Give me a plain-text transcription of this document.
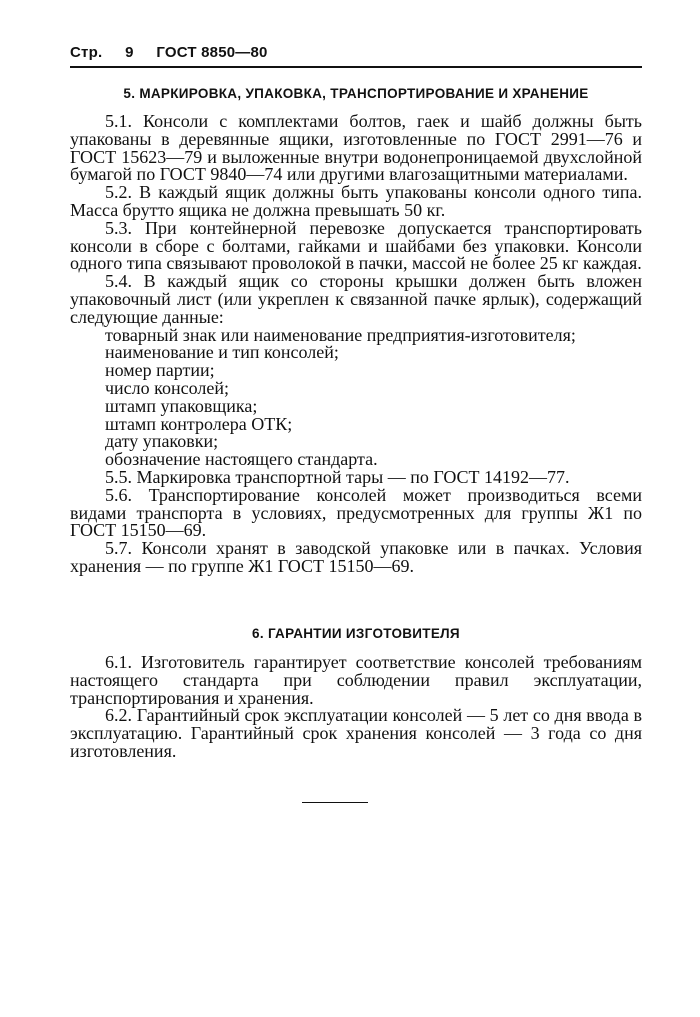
Стр. 9 ГОСТ 8850—80
5. МАРКИРОВКА, УПАКОВКА, ТРАНСПОРТИРОВАНИЕ И ХРАНЕНИЕ

5.1. Консоли с комплектами болтов, гаек и шайб должны быть упакованы в деревянные ящики, изготовленные по ГОСТ 2991—76 и ГОСТ 15623—79 и выложенные внутри водонепроницаемой двухслойной бумагой по ГОСТ 9840—74 или другими влагозащитными материалами.

5.2. В каждый ящик должны быть упакованы консоли одного типа. Масса брутто ящика не должна превышать 50 кг.

5.3. При контейнерной перевозке допускается транспортировать консоли в сборе с болтами, гайками и шайбами без упаковки. Консоли одного типа связывают проволокой в пачки, массой не более 25 кг каждая.

5.4. В каждый ящик со стороны крышки должен быть вложен упаковочный лист (или укреплен к связанной пачке ярлык), содержащий следующие данные:

товарный знак или наименование предприятия-изготовителя;

наименование и тип консолей;

номер партии;

число консолей;

штамп упаковщика;

штамп контролера ОТК;

дату упаковки;

обозначение настоящего стандарта.

5.5. Маркировка транспортной тары — по ГОСТ 14192—77.

5.6. Транспортирование консолей может производиться всеми видами транспорта в условиях, предусмотренных для группы Ж1 по ГОСТ 15150—69.

5.7. Консоли хранят в заводской упаковке или в пачках. Условия хранения — по группе Ж1 ГОСТ 15150—69.

6. ГАРАНТИИ ИЗГОТОВИТЕЛЯ

6.1. Изготовитель гарантирует соответствие консолей требованиям настоящего стандарта при соблюдении правил эксплуатации, транспортирования и хранения.

6.2. Гарантийный срок эксплуатации консолей — 5 лет со дня ввода в эксплуатацию. Гарантийный срок хранения консолей — 3 года со дня изготовления.
